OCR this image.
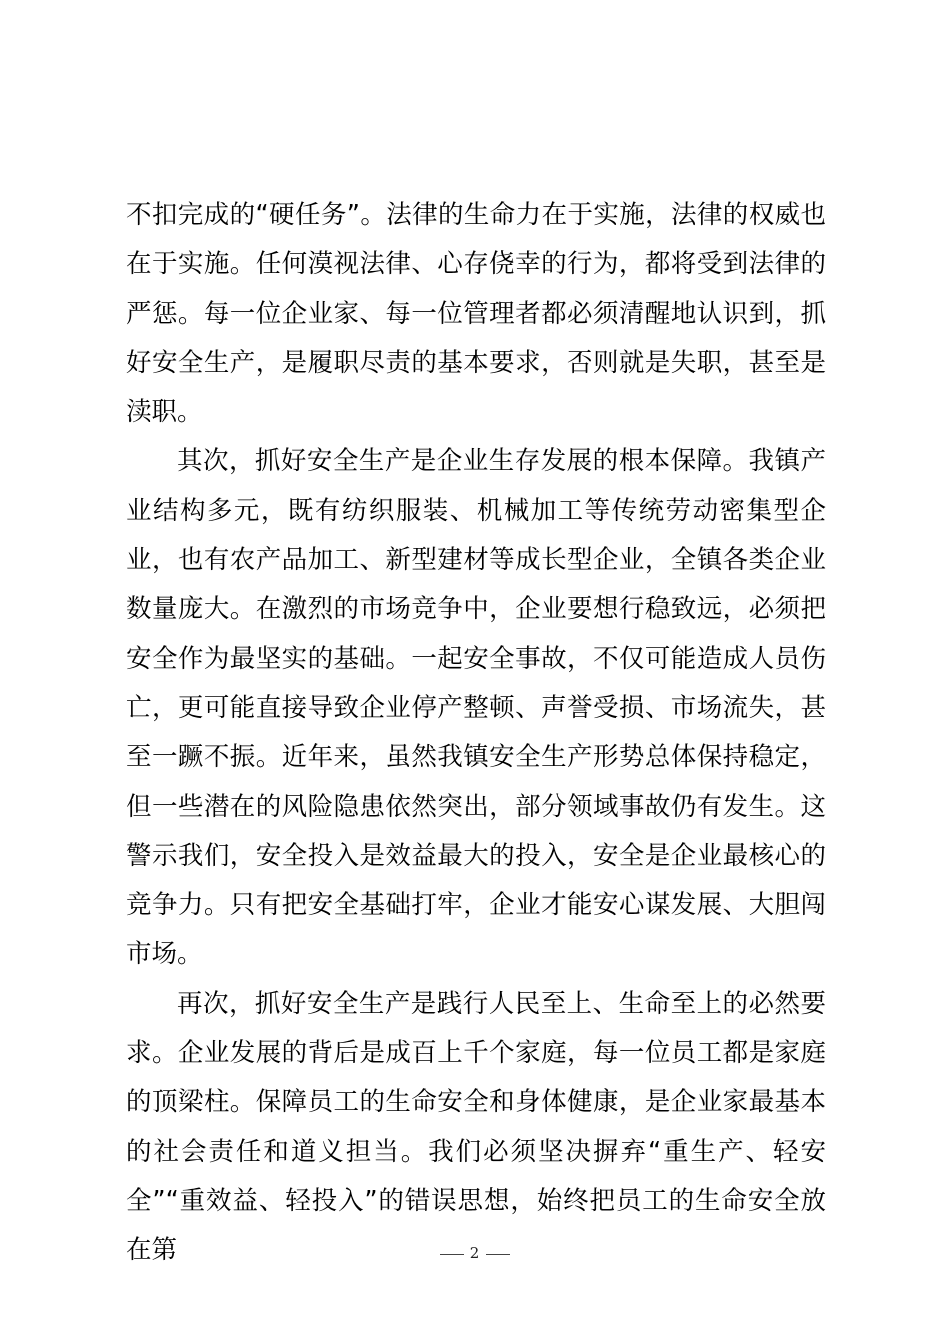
不扣完成的“硬任务”。法律的生命力在于实施，法律的权威也在于实施。任何漠视法律、心存侥幸的行为，都将受到法律的严惩。每一位企业家、每一位管理者都必须清醒地认识到，抓好安全生产，是履职尽责的基本要求，否则就是失职，甚至是渎职。

其次，抓好安全生产是企业生存发展的根本保障。我镇产业结构多元，既有纺织服装、机械加工等传统劳动密集型企业，也有农产品加工、新型建材等成长型企业，全镇各类企业数量庞大。在激烈的市场竞争中，企业要想行稳致远，必须把安全作为最坚实的基础。一起安全事故，不仅可能造成人员伤亡，更可能直接导致企业停产整顿、声誉受损、市场流失，甚至一蹶不振。近年来，虽然我镇安全生产形势总体保持稳定，但一些潜在的风险隐患依然突出，部分领域事故仍有发生。这警示我们，安全投入是效益最大的投入，安全是企业最核心的竞争力。只有把安全基础打牢，企业才能安心谋发展、大胆闯市场。

再次，抓好安全生产是践行人民至上、生命至上的必然要求。企业发展的背后是成百上千个家庭，每一位员工都是家庭的顶梁柱。保障员工的生命安全和身体健康，是企业家最基本的社会责任和道义担当。我们必须坚决摒弃“重生产、轻安全”“重效益、轻投入”的错误思想，始终把员工的生命安全放在第	2
